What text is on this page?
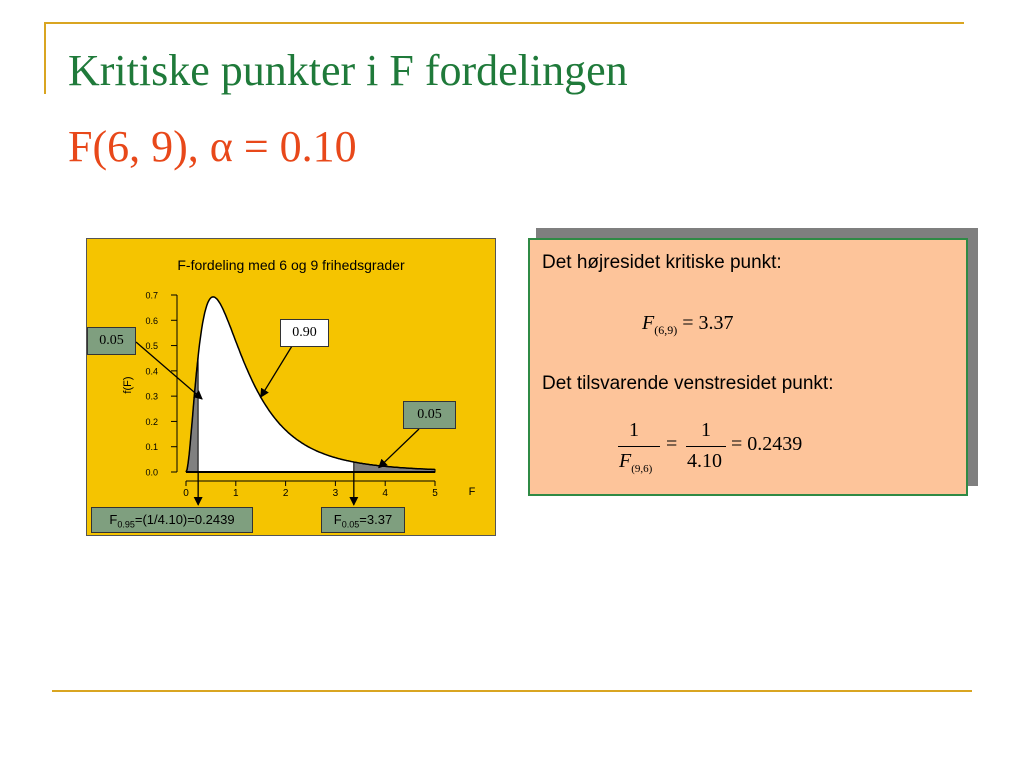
Kritiske punkter i F fordelingen
F(6, 9), α = 0.10
F-fordeling med 6 og 9 frihedsgrader
0.0
0.1
0.2
0.3
0.4
0.5
0.6
0.7
f(F)
0	1	2	3	4	5	F
0.05
0.90
0.05
$F_{0.95}=(1/4.10)=0.2439$	$F_{0.05}=3.37$
Det højresidet kritiske punkt:
$F_{(6,9)} = 3.37$
Det tilsvarende venstresidet punkt:
1
$F_{(9,6)}$
=
1
4.10
= 0.2439
